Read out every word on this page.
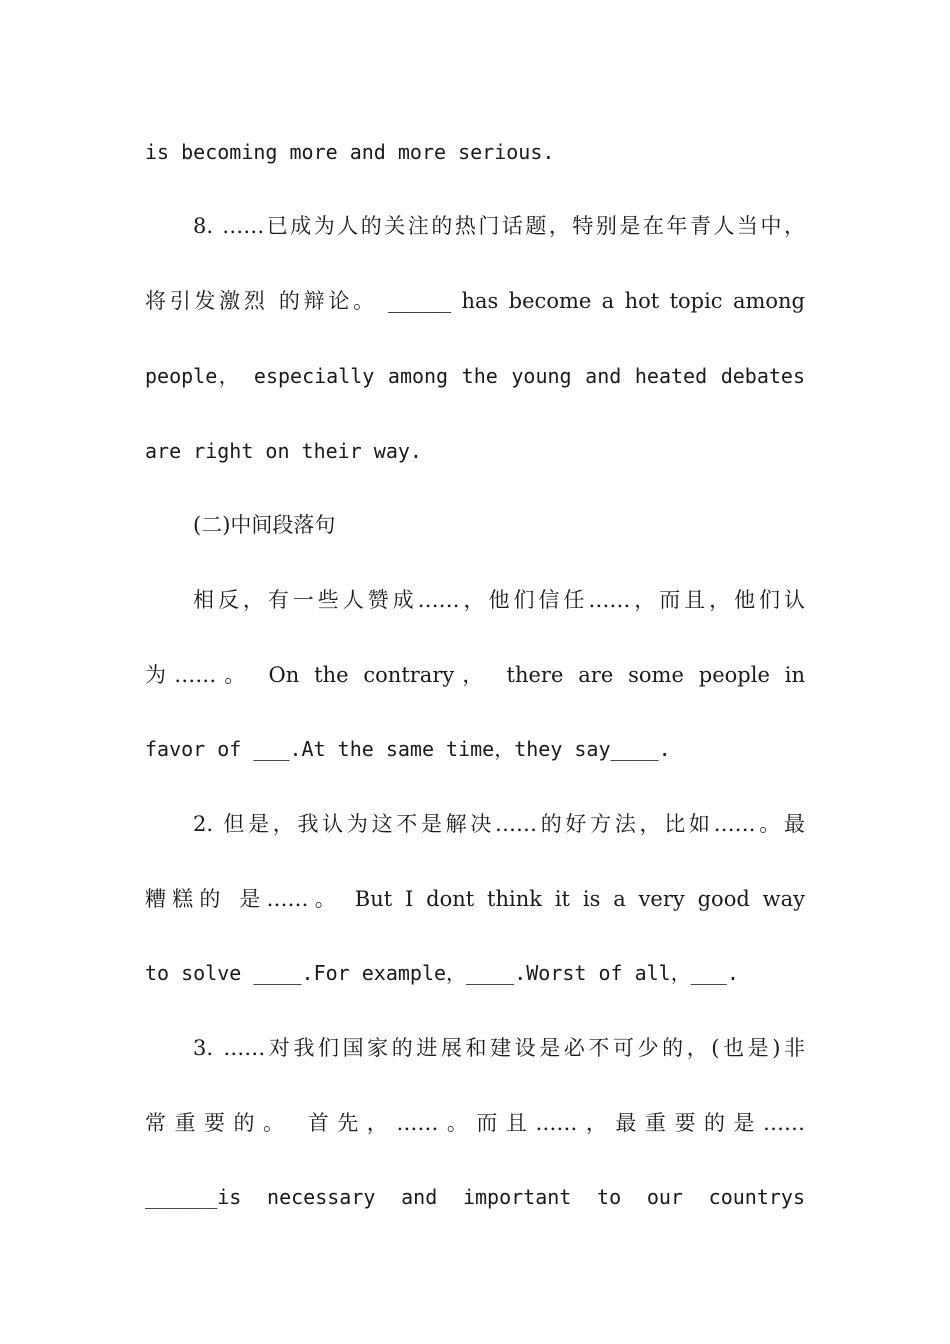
is becoming more and more serious.
8. ……已成为人的关注的热门话题，特别是在年青人当中，
将引发激烈 的辩论。 ______ has become a hot topic among
people， especially among the young and heated debates
are right on their way.
(二)中间段落句
相反，有一些人赞成……，他们信任……，而且，他们认
为……。 On the contrary， there are some people in
favor of ___.At the same time，they say____.
2. 但是，我认为这不是解决……的好方法，比如……。最
糟糕的 是……。 But I dont think it is a very good way
to solve ____.For example，____.Worst of all，___.
3. ……对我们国家的进展和建设是必不可少的，(也是)非
常重要的。 首先，……。而且……，最重要的是……
______is necessary and important to our countrys
